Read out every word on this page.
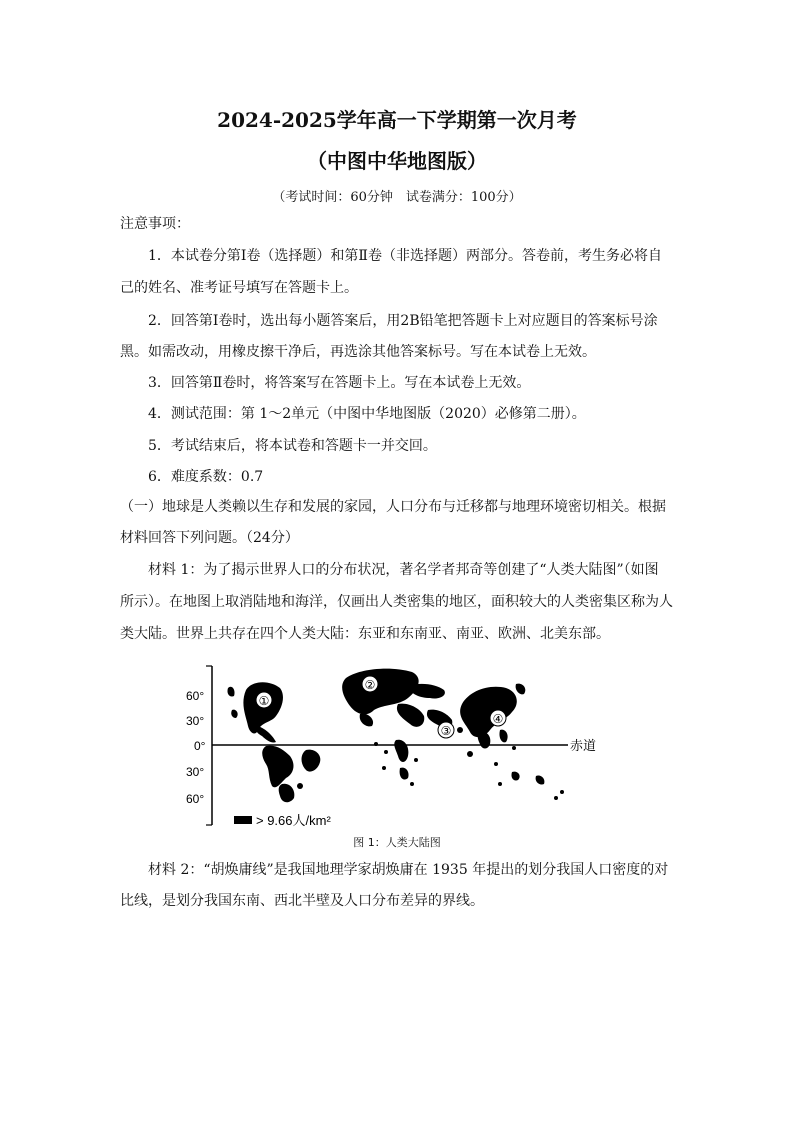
2024-2025学年高一下学期第一次月考
（中图中华地图版）
（考试时间：60分钟　试卷满分：100分）
注意事项：
1．本试卷分第Ⅰ卷（选择题）和第Ⅱ卷（非选择题）两部分。答卷前，考生务必将自
己的姓名、准考证号填写在答题卡上。
2．回答第Ⅰ卷时，选出每小题答案后，用2B铅笔把答题卡上对应题目的答案标号涂
黑。如需改动，用橡皮擦干净后，再选涂其他答案标号。写在本试卷上无效。
3．回答第Ⅱ卷时，将答案写在答题卡上。写在本试卷上无效。
4．测试范围：第 1～2单元（中图中华地图版（2020）必修第二册）。
5．考试结束后，将本试卷和答题卡一并交回。
6．难度系数：0.7
（一）地球是人类赖以生存和发展的家园，人口分布与迁移都与地理环境密切相关。根据
材料回答下列问题。（24分）
材料 1：为了揭示世界人口的分布状况，著名学者邦奇等创建了“人类大陆图”（如图
所示）。在地图上取消陆地和海洋，仅画出人类密集的地区，面积较大的人类密集区称为人
类大陆。世界上共存在四个人类大陆：东亚和东南亚、南亚、欧洲、北美东部。
60°
30°
0°
30°
60°
赤道
①
②
③
④
> 9.66人/km²
图 1：人类大陆图
材料 2：“胡焕庸线”是我国地理学家胡焕庸在 1935 年提出的划分我国人口密度的对
比线，是划分我国东南、西北半壁及人口分布差异的界线。
